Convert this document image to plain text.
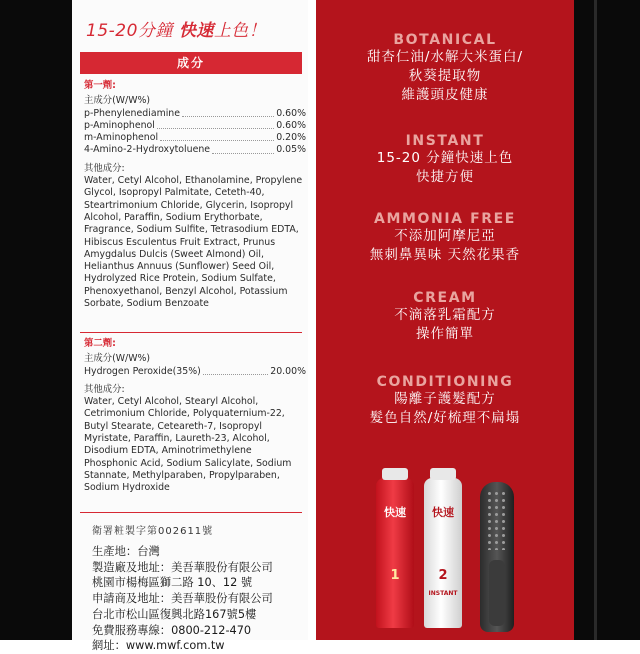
15-20分鐘 快速上色！
成分
第一劑:
主成分(W/W%)
p-Phenylenediamine	0.60%
p-Aminophenol	0.60%
m-Aminophenol	0.20%
4-Amino-2-Hydroxytoluene	0.05%
其他成分:
Water, Cetyl Alcohol, Ethanolamine, Propylene Glycol, Isopropyl Palmitate, Ceteth-40, Steartrimonium Chloride, Glycerin, Isopropyl Alcohol, Paraffin, Sodium Erythorbate, Fragrance, Sodium Sulfite, Tetrasodium EDTA, Hibiscus Esculentus Fruit Extract, Prunus Amygdalus Dulcis (Sweet Almond) Oil, Helianthus Annuus (Sunflower) Seed Oil, Hydrolyzed Rice Protein, Sodium Sulfate, Phenoxyethanol, Benzyl Alcohol, Potassium Sorbate, Sodium Benzoate
第二劑:
主成分(W/W%)
Hydrogen Peroxide(35%)	20.00%
其他成分:
Water, Cetyl Alcohol, Stearyl Alcohol, Cetrimonium Chloride, Polyquaternium-22, Butyl Stearate, Ceteareth-7, Isopropyl Myristate, Paraffin, Laureth-23, Alcohol, Disodium EDTA, Aminotrimethylene Phosphonic Acid, Sodium Salicylate, Sodium Stannate, Methylparaben, Propylparaben, Sodium Hydroxide
衛署粧製字第002611號
生產地：台灣
製造廠及地址：美吾華股份有限公司
桃園市楊梅區獅二路 10、12 號
申請商及地址：美吾華股份有限公司
台北市松山區復興北路167號5樓
免費服務專線：0800-212-470
網址：www.mwf.com.tw
BOTANICAL
甜杏仁油/水解大米蛋白/
秋葵提取物
維護頭皮健康
INSTANT
15-20 分鐘快速上色
快捷方便
AMMONIA FREE
不添加阿摩尼亞
無刺鼻異味 天然花果香
CREAM
不滴落乳霜配方
操作簡單
CONDITIONING
陽離子護髮配方
髮色自然/好梳理不扁塌
快速
1
快速
2
INSTANT
